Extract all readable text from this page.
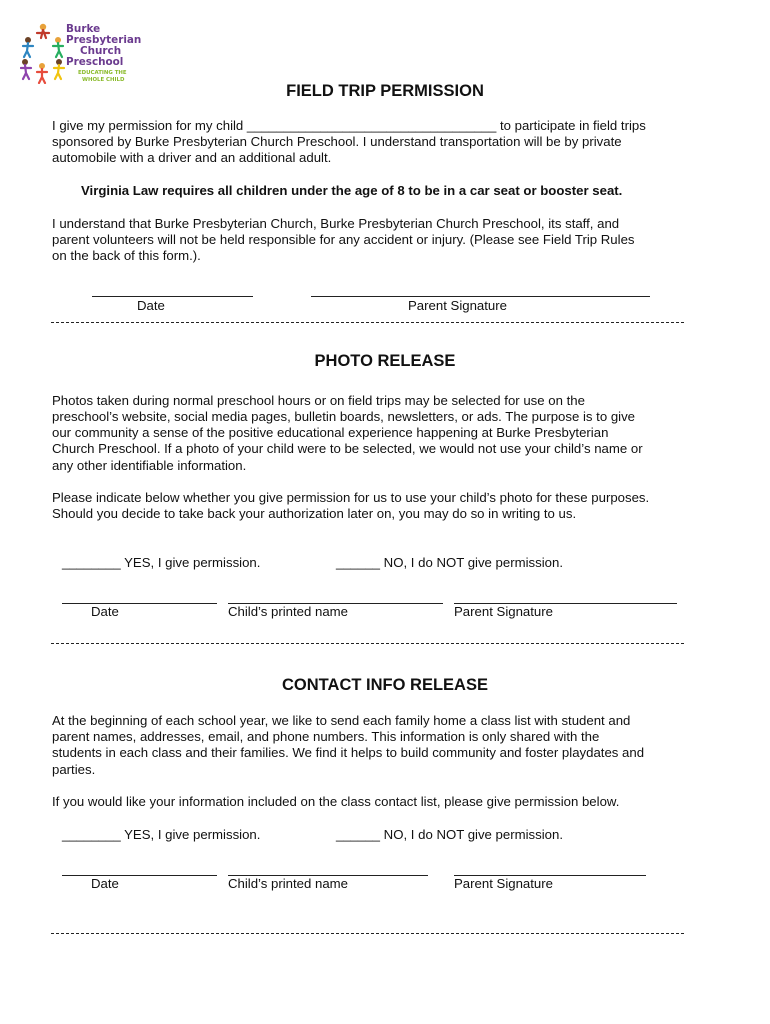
Burke
Presbyterian
Church
Preschool
EDUCATING THE
WHOLE CHILD
FIELD TRIP PERMISSION
I give my permission for my child __________________________________ to participate in field trips
sponsored by Burke Presbyterian Church Preschool. I understand transportation will be by private
automobile with a driver and an additional adult.
Virginia Law requires all children under the age of 8 to be in a car seat or booster seat.
I understand that Burke Presbyterian Church, Burke Presbyterian Church Preschool, its staff, and
parent volunteers will not be held responsible for any accident or injury. (Please see Field Trip Rules
on the back of this form.).
Date	Parent Signature
PHOTO RELEASE
Photos taken during normal preschool hours or on field trips may be selected for use on the
preschool’s website, social media pages, bulletin boards, newsletters, or ads. The purpose is to give
our community a sense of the positive educational experience happening at Burke Presbyterian
Church Preschool. If a photo of your child were to be selected, we would not use your child’s name or
any other identifiable information.
Please indicate below whether you give permission for us to use your child’s photo for these purposes.
Should you decide to take back your authorization later on, you may do so in writing to us.
________ YES, I give permission.	______ NO, I do NOT give permission.
Date	Child’s printed name	Parent Signature
CONTACT INFO RELEASE
At the beginning of each school year, we like to send each family home a class list with student and
parent names, addresses, email, and phone numbers. This information is only shared with the
students in each class and their families. We find it helps to build community and foster playdates and
parties.
If you would like your information included on the class contact list, please give permission below.
________ YES, I give permission.	______ NO, I do NOT give permission.
Date	Child’s printed name	Parent Signature
